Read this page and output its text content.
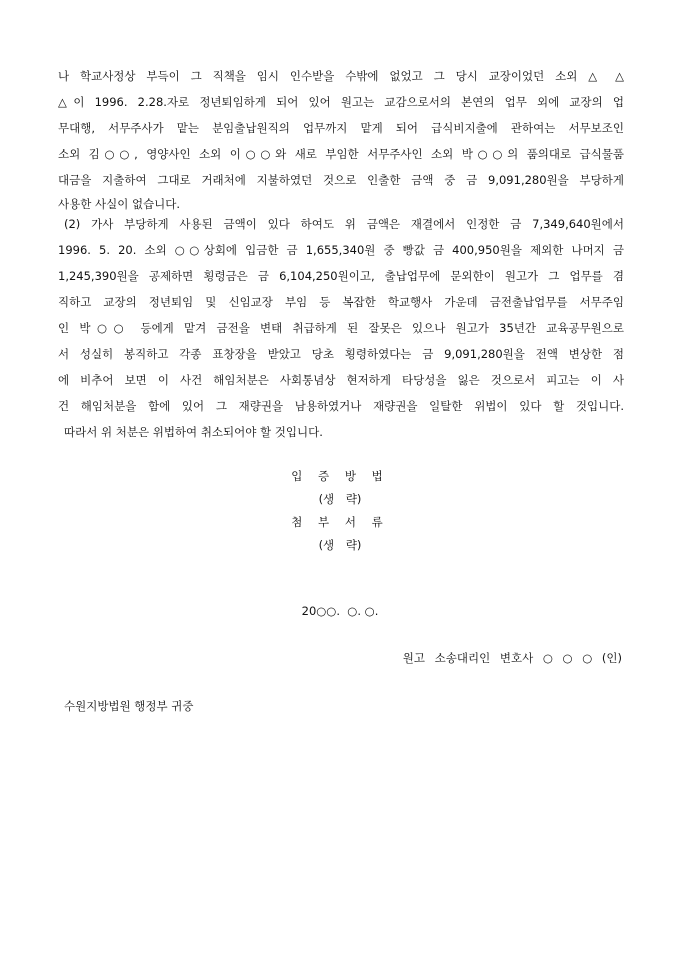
나 학교사정상 부득이 그 직책을 임시 인수받을 수밖에 없었고 그 당시 교장이었던 소외 △ △
△이 1996. 2.28.자로 정년퇴임하게 되어 있어 원고는 교감으로서의 본연의 업무 외에 교장의 업
무대행, 서무주사가 맡는 분임출납원직의 업무까지 맡게 되어 급식비지출에 관하여는 서무보조인
소외 김○○, 영양사인 소외 이○○와 새로 부임한 서무주사인 소외 박○○의 품의대로 급식물품
대금을 지출하여 그대로 거래처에 지불하였던 것으로 인출한 금액 중 금 9,091,280원을 부당하게
사용한 사실이 없습니다.
(2) 가사 부당하게 사용된 금액이 있다 하여도 위 금액은 재결에서 인정한 금 7,349,640원에서
1996. 5. 20. 소외 ○○상회에 입금한 금 1,655,340원 중 빵값 금 400,950원을 제외한 나머지 금
1,245,390원을 공제하면 횡령금은 금 6,104,250원이고, 출납업무에 문외한이 원고가 그 업무를 겸
직하고 교장의 정년퇴임 및 신임교장 부임 등 복잡한 학교행사 가운데 금전출납업무를 서무주임
인 박○○ 등에게 맡겨 금전을 변태 취급하게 된 잘못은 있으나 원고가 35년간 교육공무원으로
서 성실히 봉직하고 각종 표창장을 받았고 당초 횡령하였다는 금 9,091,280원을 전액 변상한 점
에 비추어 보면 이 사건 해임처분은 사회통념상 현저하게 타당성을 잃은 것으로서 피고는 이 사
건 해임처분을 함에 있어 그 재량권을 남용하였거나 재량권을 일탈한 위법이 있다 할 것입니다.
따라서 위 처분은 위법하여 취소되어야 할 것입니다.
입 증 방 법
(생 략)
첨 부 서 류
(생 략)
20○○.  ○. ○.
원고 소송대리인 변호사 ○ ○ ○ (인)
수원지방법원 행정부 귀중
